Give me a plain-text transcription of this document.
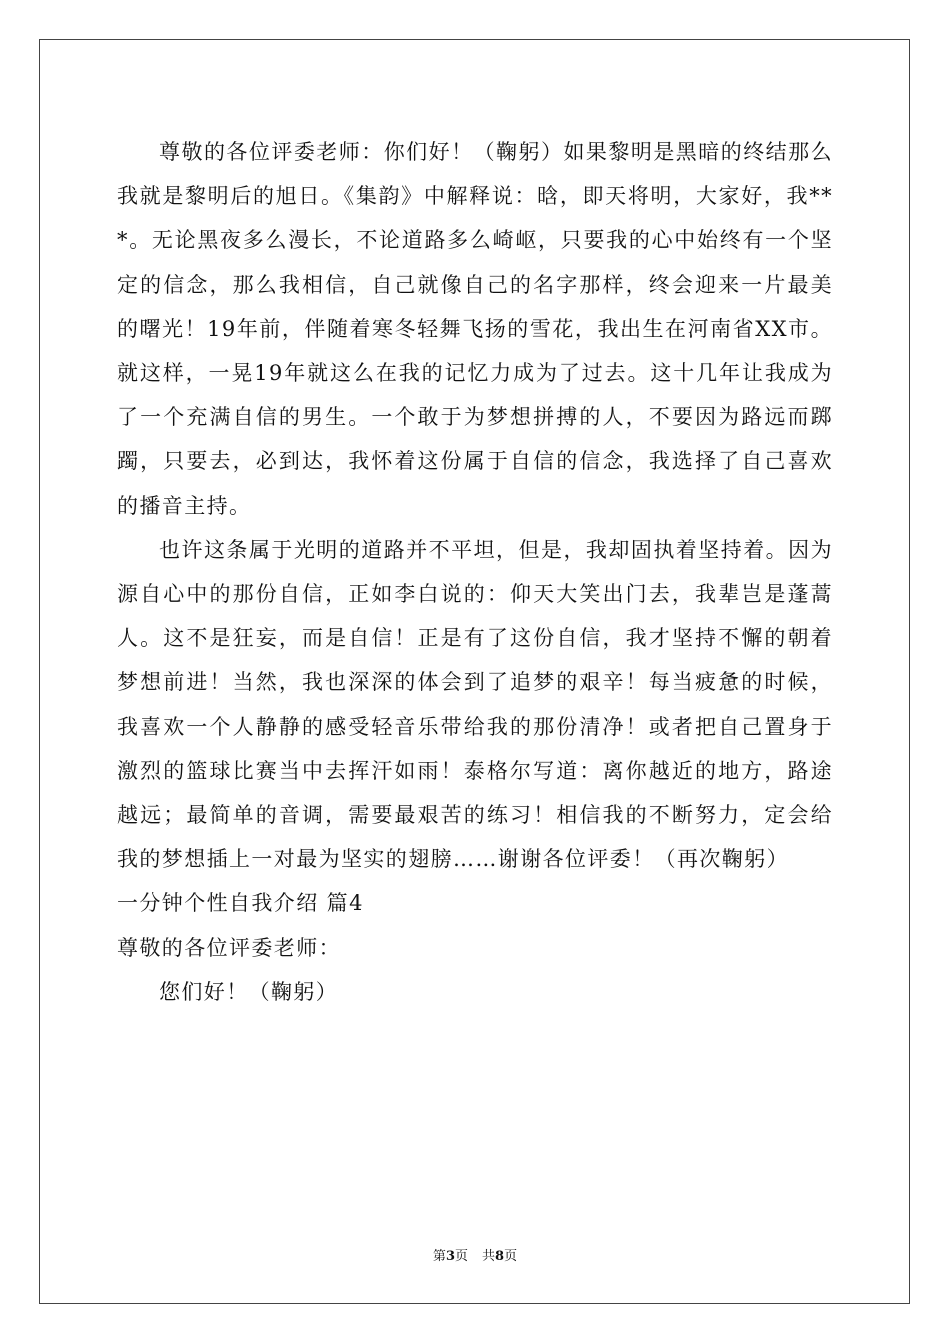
尊敬的各位评委老师：你们好！（鞠躬）如果黎明是黑暗的终结那么我就是黎明后的旭日。《集韵》中解释说：晗，即天将明，大家好，我***。无论黑夜多么漫长，不论道路多么崎岖，只要我的心中始终有一个坚定的信念，那么我相信，自己就像自己的名字那样，终会迎来一片最美的曙光！19年前，伴随着寒冬轻舞飞扬的雪花，我出生在河南省XX市。就这样，一晃19年就这么在我的记忆力成为了过去。这十几年让我成为了一个充满自信的男生。一个敢于为梦想拼搏的人，不要因为路远而踯躅，只要去，必到达，我怀着这份属于自信的信念，我选择了自己喜欢的播音主持。

也许这条属于光明的道路并不平坦，但是，我却固执着坚持着。因为源自心中的那份自信，正如李白说的：仰天大笑出门去，我辈岂是蓬蒿人。这不是狂妄，而是自信！正是有了这份自信，我才坚持不懈的朝着梦想前进！当然，我也深深的体会到了追梦的艰辛！每当疲惫的时候，我喜欢一个人静静的感受轻音乐带给我的那份清净！或者把自己置身于激烈的篮球比赛当中去挥汗如雨！泰格尔写道：离你越近的地方，路途越远；最简单的音调，需要最艰苦的练习！相信我的不断努力，定会给我的梦想插上一对最为坚实的翅膀……谢谢各位评委！（再次鞠躬）

一分钟个性自我介绍 篇4

尊敬的各位评委老师：

您们好！（鞠躬）

第3页 共8页
